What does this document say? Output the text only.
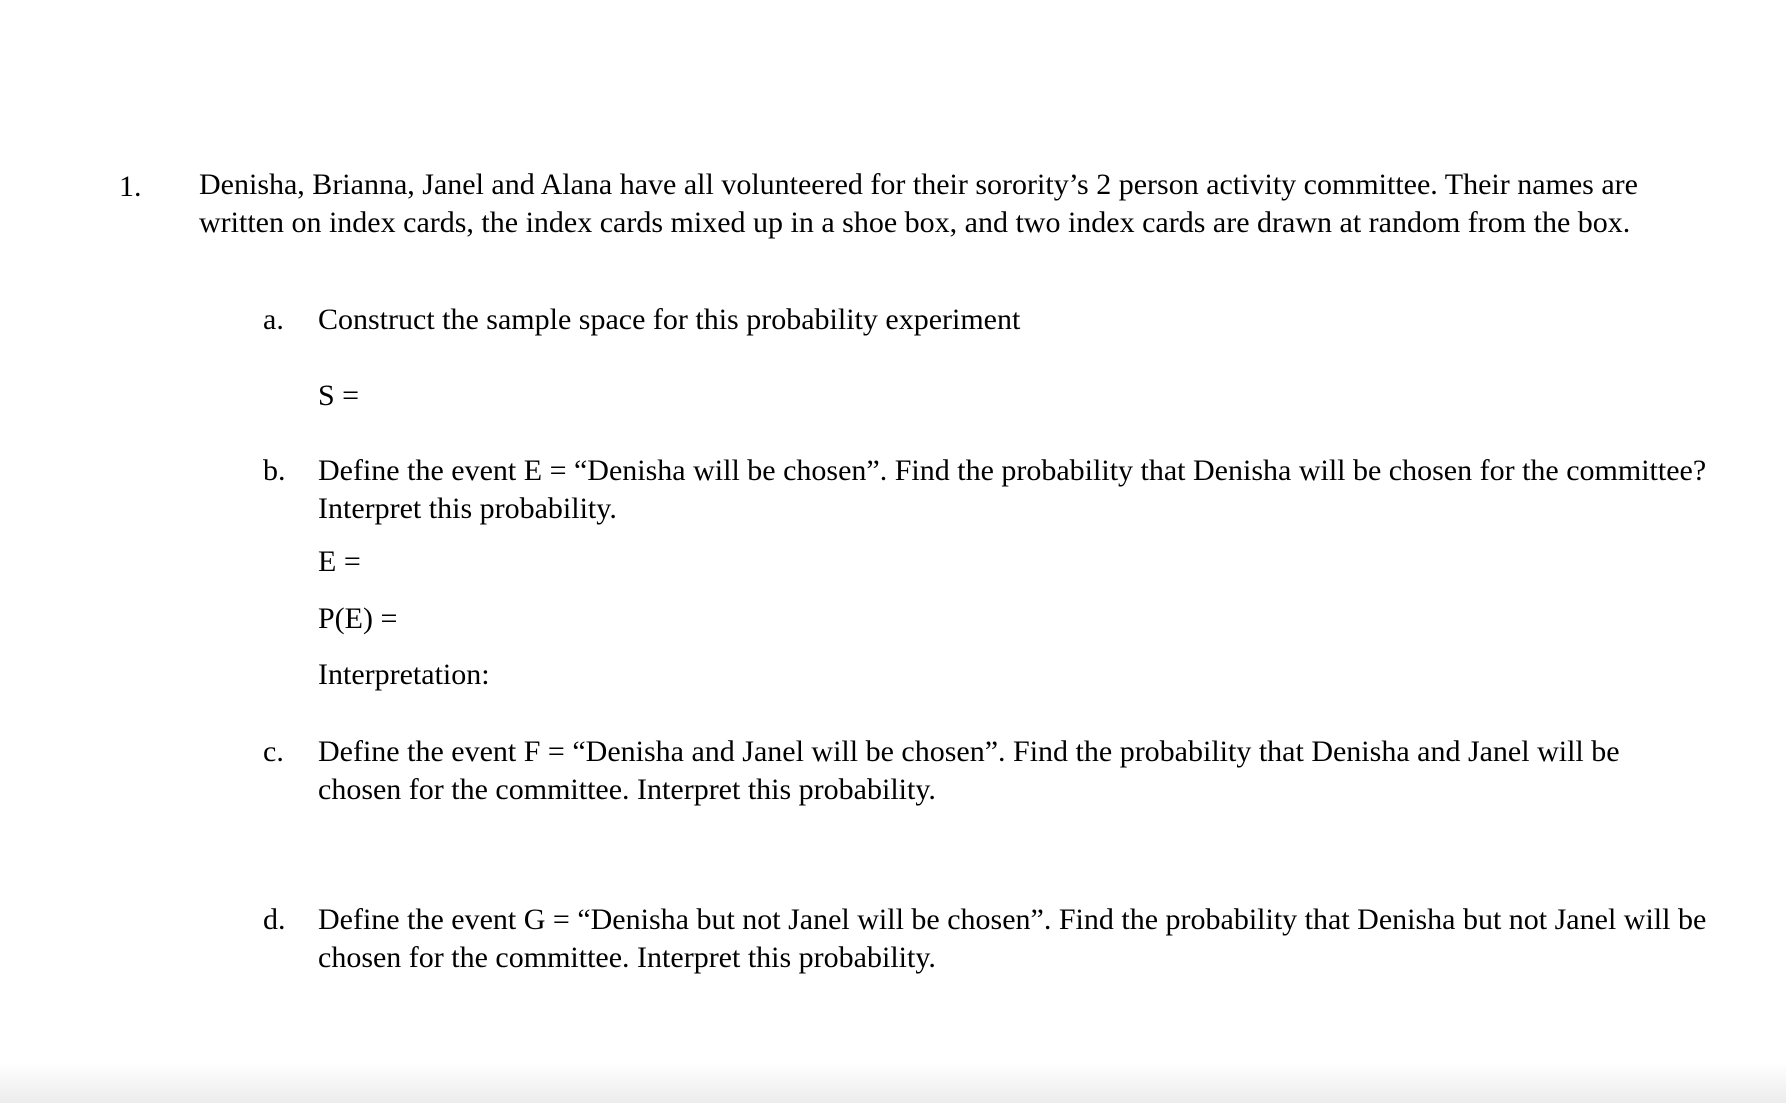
1. Denisha, Brianna, Janel and Alana have all volunteered for their sorority’s 2 person activity committee. Their names are written on index cards, the index cards mixed up in a shoe box, and two index cards are drawn at random from the box.
a. Construct the sample space for this probability experiment
S =
b. Define the event E = “Denisha will be chosen”. Find the probability that Denisha will be chosen for the committee? Interpret this probability.
E =
P(E) =
Interpretation:
c. Define the event F = “Denisha and Janel will be chosen”. Find the probability that Denisha and Janel will be chosen for the committee. Interpret this probability.
d. Define the event G = “Denisha but not Janel will be chosen”. Find the probability that Denisha but not Janel will be chosen for the committee. Interpret this probability.
